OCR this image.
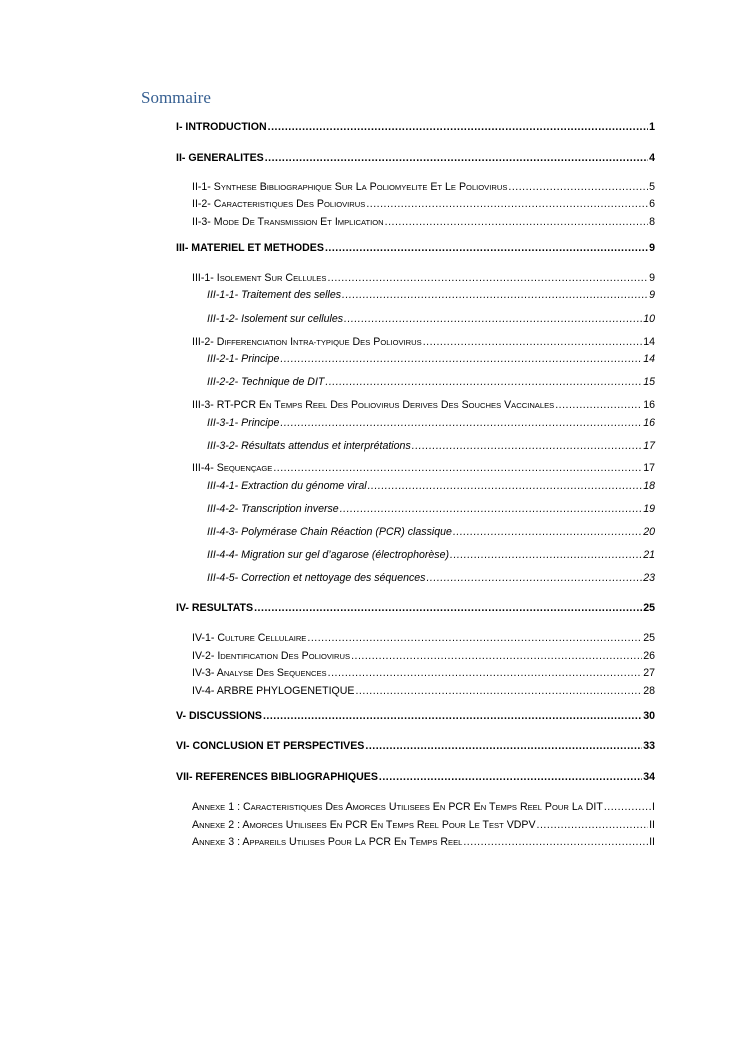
Sommaire
I- INTRODUCTION .....	1
II- GENERALITES .....	4
II-1- SYNTHESE BIBLIOGRAPHIQUE SUR LA POLIOMYELITE ET LE POLIOVIRUS .....	5
II-2- CARACTERISTIQUES DES POLIOVIRUS .....	6
II-3- MODE DE TRANSMISSION ET IMPLICATION .....	8
III- MATERIEL ET METHODES .....	9
III-1- ISOLEMENT SUR CELLULES .....	9
III-1-1- Traitement des selles .....	9
III-1-2- Isolement sur cellules .....	10
III-2- DIFFERENCIATION INTRA-TYPIQUE DES POLIOVIRUS .....	14
III-2-1- Principe .....	14
III-2-2- Technique de DIT .....	15
III-3- RT-PCR EN TEMPS REEL DES POLIOVIRUS DERIVES DES SOUCHES VACCINALES .....	16
III-3-1- Principe .....	16
III-3-2- Résultats attendus et interprétations .....	17
III-4- SEQUENÇAGE .....	17
III-4-1- Extraction du génome viral .....	18
III-4-2- Transcription inverse .....	19
III-4-3- Polymérase Chain Réaction (PCR) classique .....	20
III-4-4- Migration sur gel d’agarose (électrophorèse) .....	21
III-4-5- Correction et nettoyage des séquences .....	23
IV- RESULTATS .....	25
IV-1- CULTURE CELLULAIRE .....	25
IV-2- IDENTIFICATION DES POLIOVIRUS .....	26
IV-3- ANALYSE DES SEQUENCES .....	27
IV-4- ARBRE PHYLOGENETIQUE .....	28
V- DISCUSSIONS .....	30
VI- CONCLUSION ET PERSPECTIVES .....	33
VII- REFERENCES BIBLIOGRAPHIQUES .....	34
ANNEXE 1 : CARACTERISTIQUES DES AMORCES UTILISEES EN PCR EN TEMPS REEL POUR LA DIT .....	I
ANNEXE 2 : AMORCES UTILISEES EN PCR EN TEMPS REEL POUR LE TEST VDPV .....	II
ANNEXE 3 : APPAREILS UTILISES POUR LA PCR EN TEMPS REEL .....	II
